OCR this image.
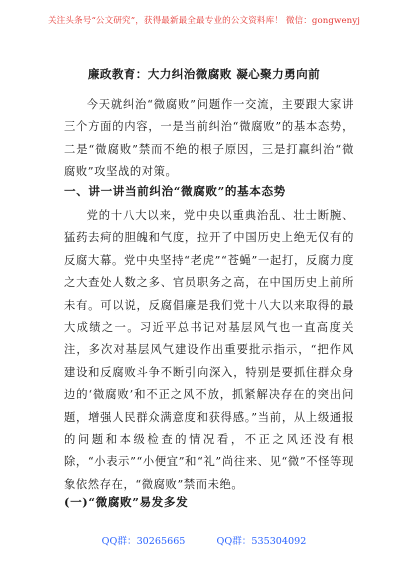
关注头条号“公文研究”，获得最新最全最专业的公文资料库！ 微信：gongwenyj
廉政教育：大力纠治微腐败 凝心聚力勇向前

今天就纠治“微腐败”问题作一交流，主要跟大家讲三个方面的内容，一是当前纠治“微腐败”的基本态势，二是“微腐败”禁而不绝的根子原因，三是打赢纠治“微腐败”攻坚战的对策。

一、讲一讲当前纠治“微腐败”的基本态势

党的十八大以来，党中央以重典治乱、壮士断腕、猛药去疴的胆魄和气度，拉开了中国历史上绝无仅有的反腐大幕。党中央坚持“老虎”“苍蝇”一起打，反腐力度之大查处人数之多、官员职务之高，在中国历史上前所未有。可以说，反腐倡廉是我们党十八大以来取得的最大成绩之一。习近平总书记对基层风气也一直高度关注，多次对基层风气建设作出重要批示指示，“把作风建设和反腐败斗争不断引向深入，特别是要抓住群众身边的‘微腐败’和不正之风不放，抓紧解决存在的突出问题，增强人民群众满意度和获得感。”当前，从上级通报的问题和本级检查的情况看，不正之风还没有根除，“小表示”“小便宜”和“礼”尚往来、见“微”不怪等现象依然存在，“微腐败”禁而未绝。

(一)“微腐败”易发多发

QQ群：30265665	QQ群：535304092
